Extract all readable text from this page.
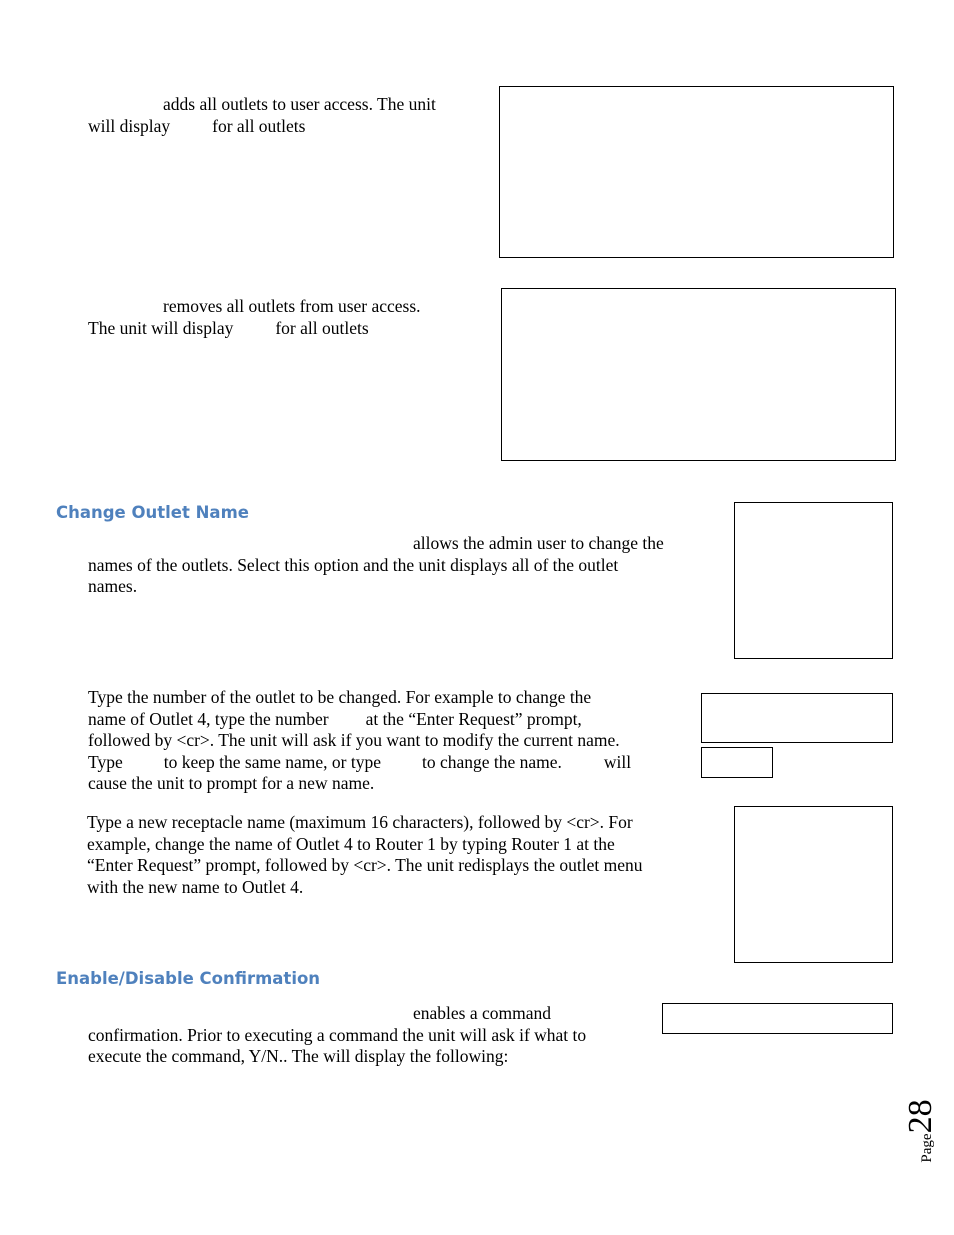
adds all outlets to user access. The unit
will display for all outlets
removes all outlets from user access.
The unit will display for all outlets
Change Outlet Name
allows the admin user to change the
names of the outlets. Select this option and the unit displays all of the outlet
names.
Type the number of the outlet to be changed. For example to change the
name of Outlet 4, type the number at the “Enter Request” prompt,
followed by <cr>. The unit will ask if you want to modify the current name.
Type to keep the same name, or type to change the name. will
cause the unit to prompt for a new name.
Type a new receptacle name (maximum 16 characters), followed by <cr>. For
example, change the name of Outlet 4 to Router 1 by typing Router 1 at the
“Enter Request” prompt, followed by <cr>. The unit redisplays the outlet menu
with the new name to Outlet 4.
Enable/Disable Confirmation
enables a command
confirmation. Prior to executing a command the unit will ask if what to
execute the command, Y/N.. The will display the following:
Page28
